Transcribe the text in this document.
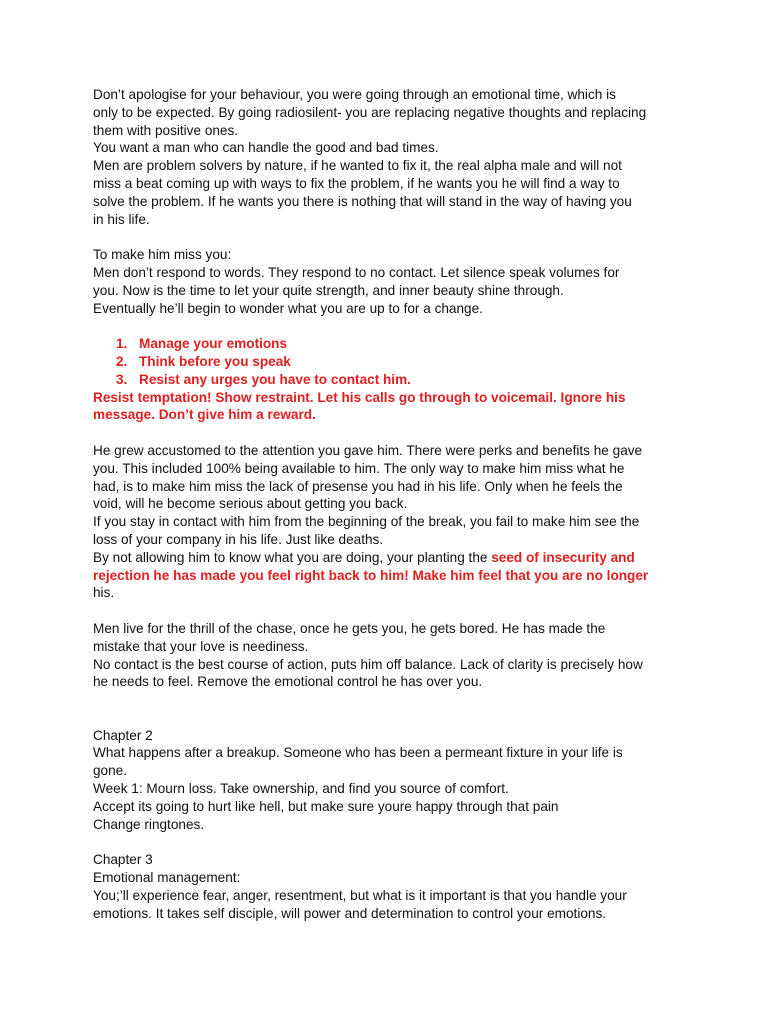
Don’t apologise for your behaviour, you were going through an emotional time, which is
only to be expected. By going radiosilent- you are replacing negative thoughts and replacing
them with positive ones.
You want a man who can handle the good and bad times.
Men are problem solvers by nature, if he wanted to fix it, the real alpha male and will not
miss a beat coming up with ways to fix the problem, if he wants you he will find a way to
solve the problem. If he wants you there is nothing that will stand in the way of having you
in his life.
To make him miss you:
Men don’t respond to words. They respond to no contact. Let silence speak volumes for
you. Now is the time to let your quite strength, and inner beauty shine through.
Eventually he’ll begin to wonder what you are up to for a change.
1. Manage your emotions
2. Think before you speak
3. Resist any urges you have to contact him.
Resist temptation! Show restraint. Let his calls go through to voicemail. Ignore his
message. Don’t give him a reward.
He grew accustomed to the attention you gave him. There were perks and benefits he gave
you. This included 100% being available to him. The only way to make him miss what he
had, is to make him miss the lack of presense you had in his life. Only when he feels the
void, will he become serious about getting you back.
If you stay in contact with him from the beginning of the break, you fail to make him see the
loss of your company in his life. Just like deaths.
By not allowing him to know what you are doing, your planting the seed of insecurity and
rejection he has made you feel right back to him! Make him feel that you are no longer
his.
Men live for the thrill of the chase, once he gets you, he gets bored. He has made the
mistake that your love is neediness.
No contact is the best course of action, puts him off balance. Lack of clarity is precisely how
he needs to feel. Remove the emotional control he has over you.
Chapter 2
What happens after a breakup. Someone who has been a permeant fixture in your life is
gone.
Week 1: Mourn loss. Take ownership, and find you source of comfort.
Accept its going to hurt like hell, but make sure youre happy through that pain
Change ringtones.
Chapter 3
Emotional management:
You;’ll experience fear, anger, resentment, but what is it important is that you handle your
emotions. It takes self disciple, will power and determination to control your emotions.
